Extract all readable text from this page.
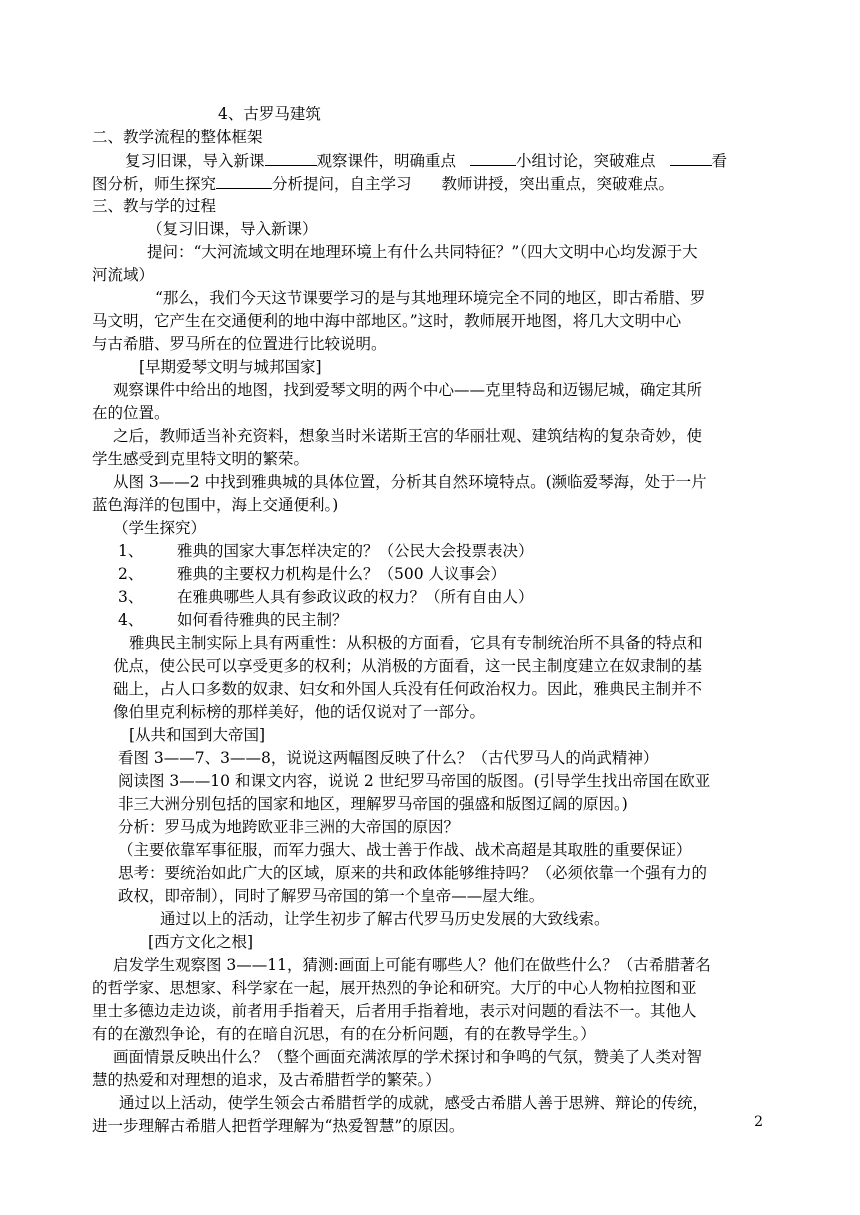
4、古罗马建筑
二、教学流程的整体框架
复习旧课，导入新课	观察课件，明确重点	小组讨论，突破难点	看
图分析，师生探究	分析提问，自主学习 教师讲授，突出重点，突破难点。
三、教与学的过程
（复习旧课，导入新课）
提问：“大河流域文明在地理环境上有什么共同特征？”（四大文明中心均发源于大
河流域）
“那么，我们今天这节课要学习的是与其地理环境完全不同的地区，即古希腊、罗
马文明，它产生在交通便利的地中海中部地区。”这时，教师展开地图，将几大文明中心
与古希腊、罗马所在的位置进行比较说明。
[早期爱琴文明与城邦国家]
观察课件中给出的地图，找到爱琴文明的两个中心——克里特岛和迈锡尼城，确定其所
在的位置。
之后，教师适当补充资料，想象当时米诺斯王宫的华丽壮观、建筑结构的复杂奇妙，使
学生感受到克里特文明的繁荣。
从图 3——2 中找到雅典城的具体位置，分析其自然环境特点。(濒临爱琴海，处于一片
蓝色海洋的包围中，海上交通便利。)
（学生探究）
1、 雅典的国家大事怎样决定的？（公民大会投票表决）
2、 雅典的主要权力机构是什么？（500 人议事会）
3、 在雅典哪些人具有参政议政的权力？（所有自由人）
4、 如何看待雅典的民主制？
雅典民主制实际上具有两重性：从积极的方面看，它具有专制统治所不具备的特点和
优点，使公民可以享受更多的权利；从消极的方面看，这一民主制度建立在奴隶制的基
础上，占人口多数的奴隶、妇女和外国人兵没有任何政治权力。因此，雅典民主制并不
像伯里克利标榜的那样美好，他的话仅说对了一部分。
[从共和国到大帝国]
看图 3——7、3——8，说说这两幅图反映了什么？（古代罗马人的尚武精神）
阅读图 3——10 和课文内容，说说 2 世纪罗马帝国的版图。(引导学生找出帝国在欧亚
非三大洲分别包括的国家和地区，理解罗马帝国的强盛和版图辽阔的原因。)
分析：罗马成为地跨欧亚非三洲的大帝国的原因？
（主要依靠军事征服，而军力强大、战士善于作战、战术高超是其取胜的重要保证）
思考：要统治如此广大的区域，原来的共和政体能够维持吗？（必须依靠一个强有力的
政权，即帝制），同时了解罗马帝国的第一个皇帝——屋大维。
通过以上的活动，让学生初步了解古代罗马历史发展的大致线索。
[西方文化之根]
启发学生观察图 3——11，猜测:画面上可能有哪些人？他们在做些什么？（古希腊著名
的哲学家、思想家、科学家在一起，展开热烈的争论和研究。大厅的中心人物柏拉图和亚
里士多德边走边谈，前者用手指着天，后者用手指着地，表示对问题的看法不一。其他人
有的在激烈争论，有的在暗自沉思，有的在分析问题，有的在教导学生。）
画面情景反映出什么？（整个画面充满浓厚的学术探讨和争鸣的气氛，赞美了人类对智
慧的热爱和对理想的追求，及古希腊哲学的繁荣。）
通过以上活动，使学生领会古希腊哲学的成就，感受古希腊人善于思辨、辩论的传统，
进一步理解古希腊人把哲学理解为“热爱智慧”的原因。	2
